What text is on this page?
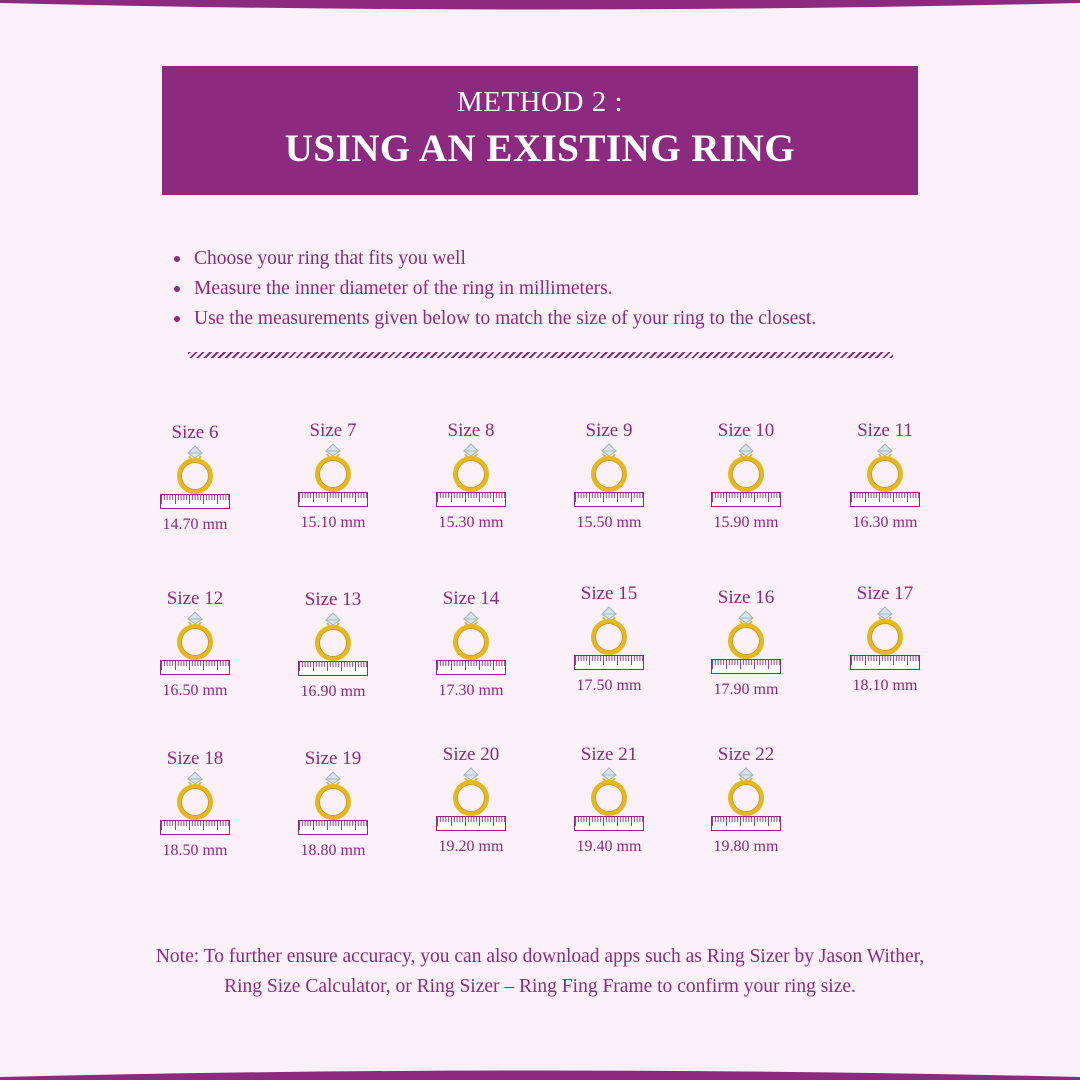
METHOD 2 :
USING AN EXISTING RING
Choose your ring that fits you well
Measure the inner diameter of the ring in millimeters.
Use the measurements given below to match the size of your ring to the closest.
Size 6
14.70 mm
Size 7
15.10 mm
Size 8
15.30 mm
Size 9
15.50 mm
Size 10
15.90 mm
Size 11
16.30 mm
Size 12
16.50 mm
Size 13
16.90 mm
Size 14
17.30 mm
Size 15
17.50 mm
Size 16
17.90 mm
Size 17
18.10 mm
Size 18
18.50 mm
Size 19
18.80 mm
Size 20
19.20 mm
Size 21
19.40 mm
Size 22
19.80 mm
Note: To further ensure accuracy, you can also download apps such as Ring Sizer by Jason Wither,
Ring Size Calculator, or Ring Sizer – Ring Fing Frame to confirm your ring size.
